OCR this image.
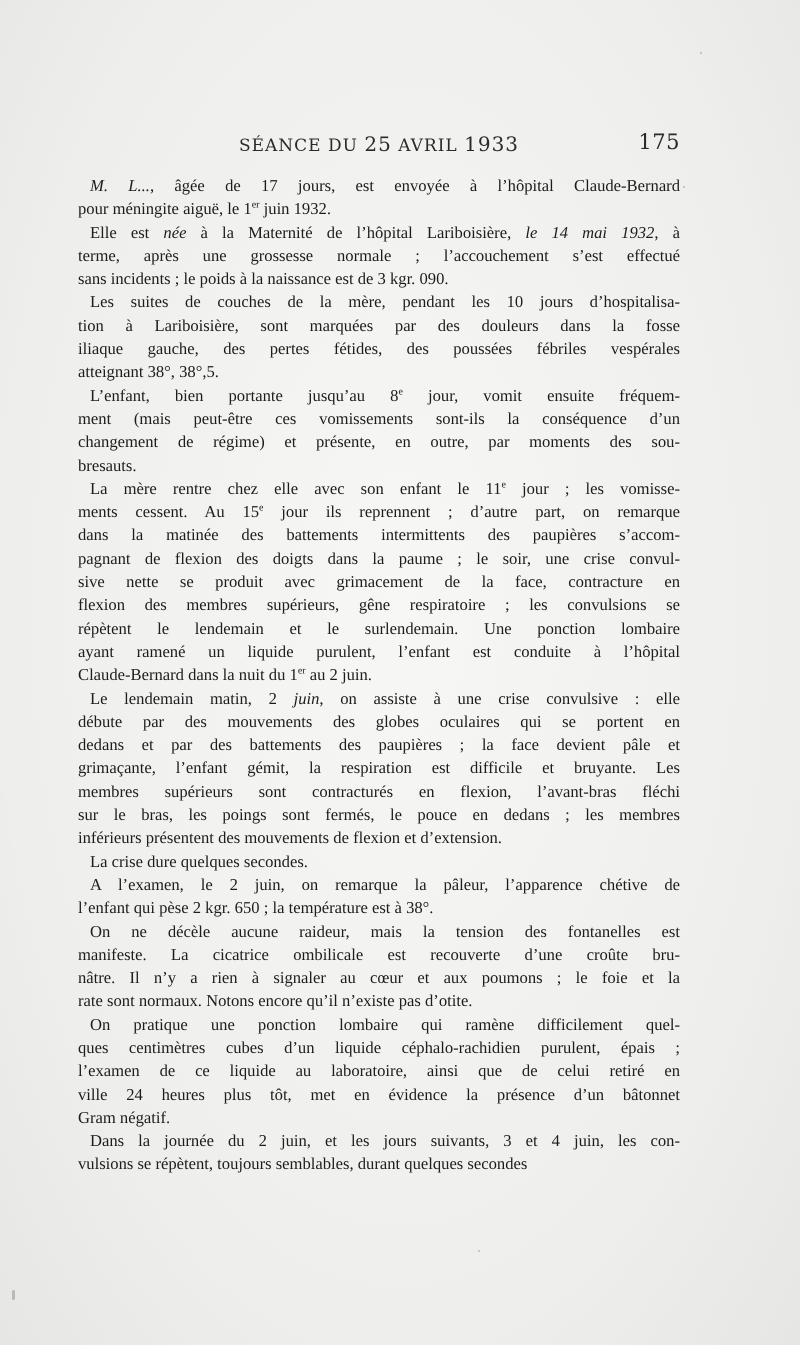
SÉANCE DU 25 AVRIL 1933	175

M. L..., âgée de 17 jours, est envoyée à l’hôpital Claude-Bernard
pour méningite aiguë, le 1er juin 1932.

Elle est née à la Maternité de l’hôpital Lariboisière, le 14 mai 1932, à
terme, après une grossesse normale ; l’accouchement s’est effectué
sans incidents ; le poids à la naissance est de 3 kgr. 090.

Les suites de couches de la mère, pendant les 10 jours d’hospitalisa-
tion à Lariboisière, sont marquées par des douleurs dans la fosse
iliaque gauche, des pertes fétides, des poussées fébriles vespérales
atteignant 38°, 38°,5.

L’enfant, bien portante jusqu’au 8e jour, vomit ensuite fréquem-
ment (mais peut-être ces vomissements sont-ils la conséquence d’un
changement de régime) et présente, en outre, par moments des sou-
bresauts.

La mère rentre chez elle avec son enfant le 11e jour ; les vomisse-
ments cessent. Au 15e jour ils reprennent ; d’autre part, on remarque
dans la matinée des battements intermittents des paupières s’accom-
pagnant de flexion des doigts dans la paume ; le soir, une crise convul-
sive nette se produit avec grimacement de la face, contracture en
flexion des membres supérieurs, gêne respiratoire ; les convulsions se
répètent le lendemain et le surlendemain. Une ponction lombaire
ayant ramené un liquide purulent, l’enfant est conduite à l’hôpital
Claude-Bernard dans la nuit du 1er au 2 juin.

Le lendemain matin, 2 juin, on assiste à une crise convulsive : elle
débute par des mouvements des globes oculaires qui se portent en
dedans et par des battements des paupières ; la face devient pâle et
grimaçante, l’enfant gémit, la respiration est difficile et bruyante. Les
membres supérieurs sont contracturés en flexion, l’avant-bras fléchi
sur le bras, les poings sont fermés, le pouce en dedans ; les membres
inférieurs présentent des mouvements de flexion et d’extension.

La crise dure quelques secondes.

A l’examen, le 2 juin, on remarque la pâleur, l’apparence chétive de
l’enfant qui pèse 2 kgr. 650 ; la température est à 38°.

On ne décèle aucune raideur, mais la tension des fontanelles est
manifeste. La cicatrice ombilicale est recouverte d’une croûte bru-
nâtre. Il n’y a rien à signaler au cœur et aux poumons ; le foie et la
rate sont normaux. Notons encore qu’il n’existe pas d’otite.

On pratique une ponction lombaire qui ramène difficilement quel-
ques centimètres cubes d’un liquide céphalo-rachidien purulent, épais ;
l’examen de ce liquide au laboratoire, ainsi que de celui retiré en
ville 24 heures plus tôt, met en évidence la présence d’un bâtonnet
Gram négatif.

Dans la journée du 2 juin, et les jours suivants, 3 et 4 juin, les con-
vulsions se répètent, toujours semblables, durant quelques secondes
